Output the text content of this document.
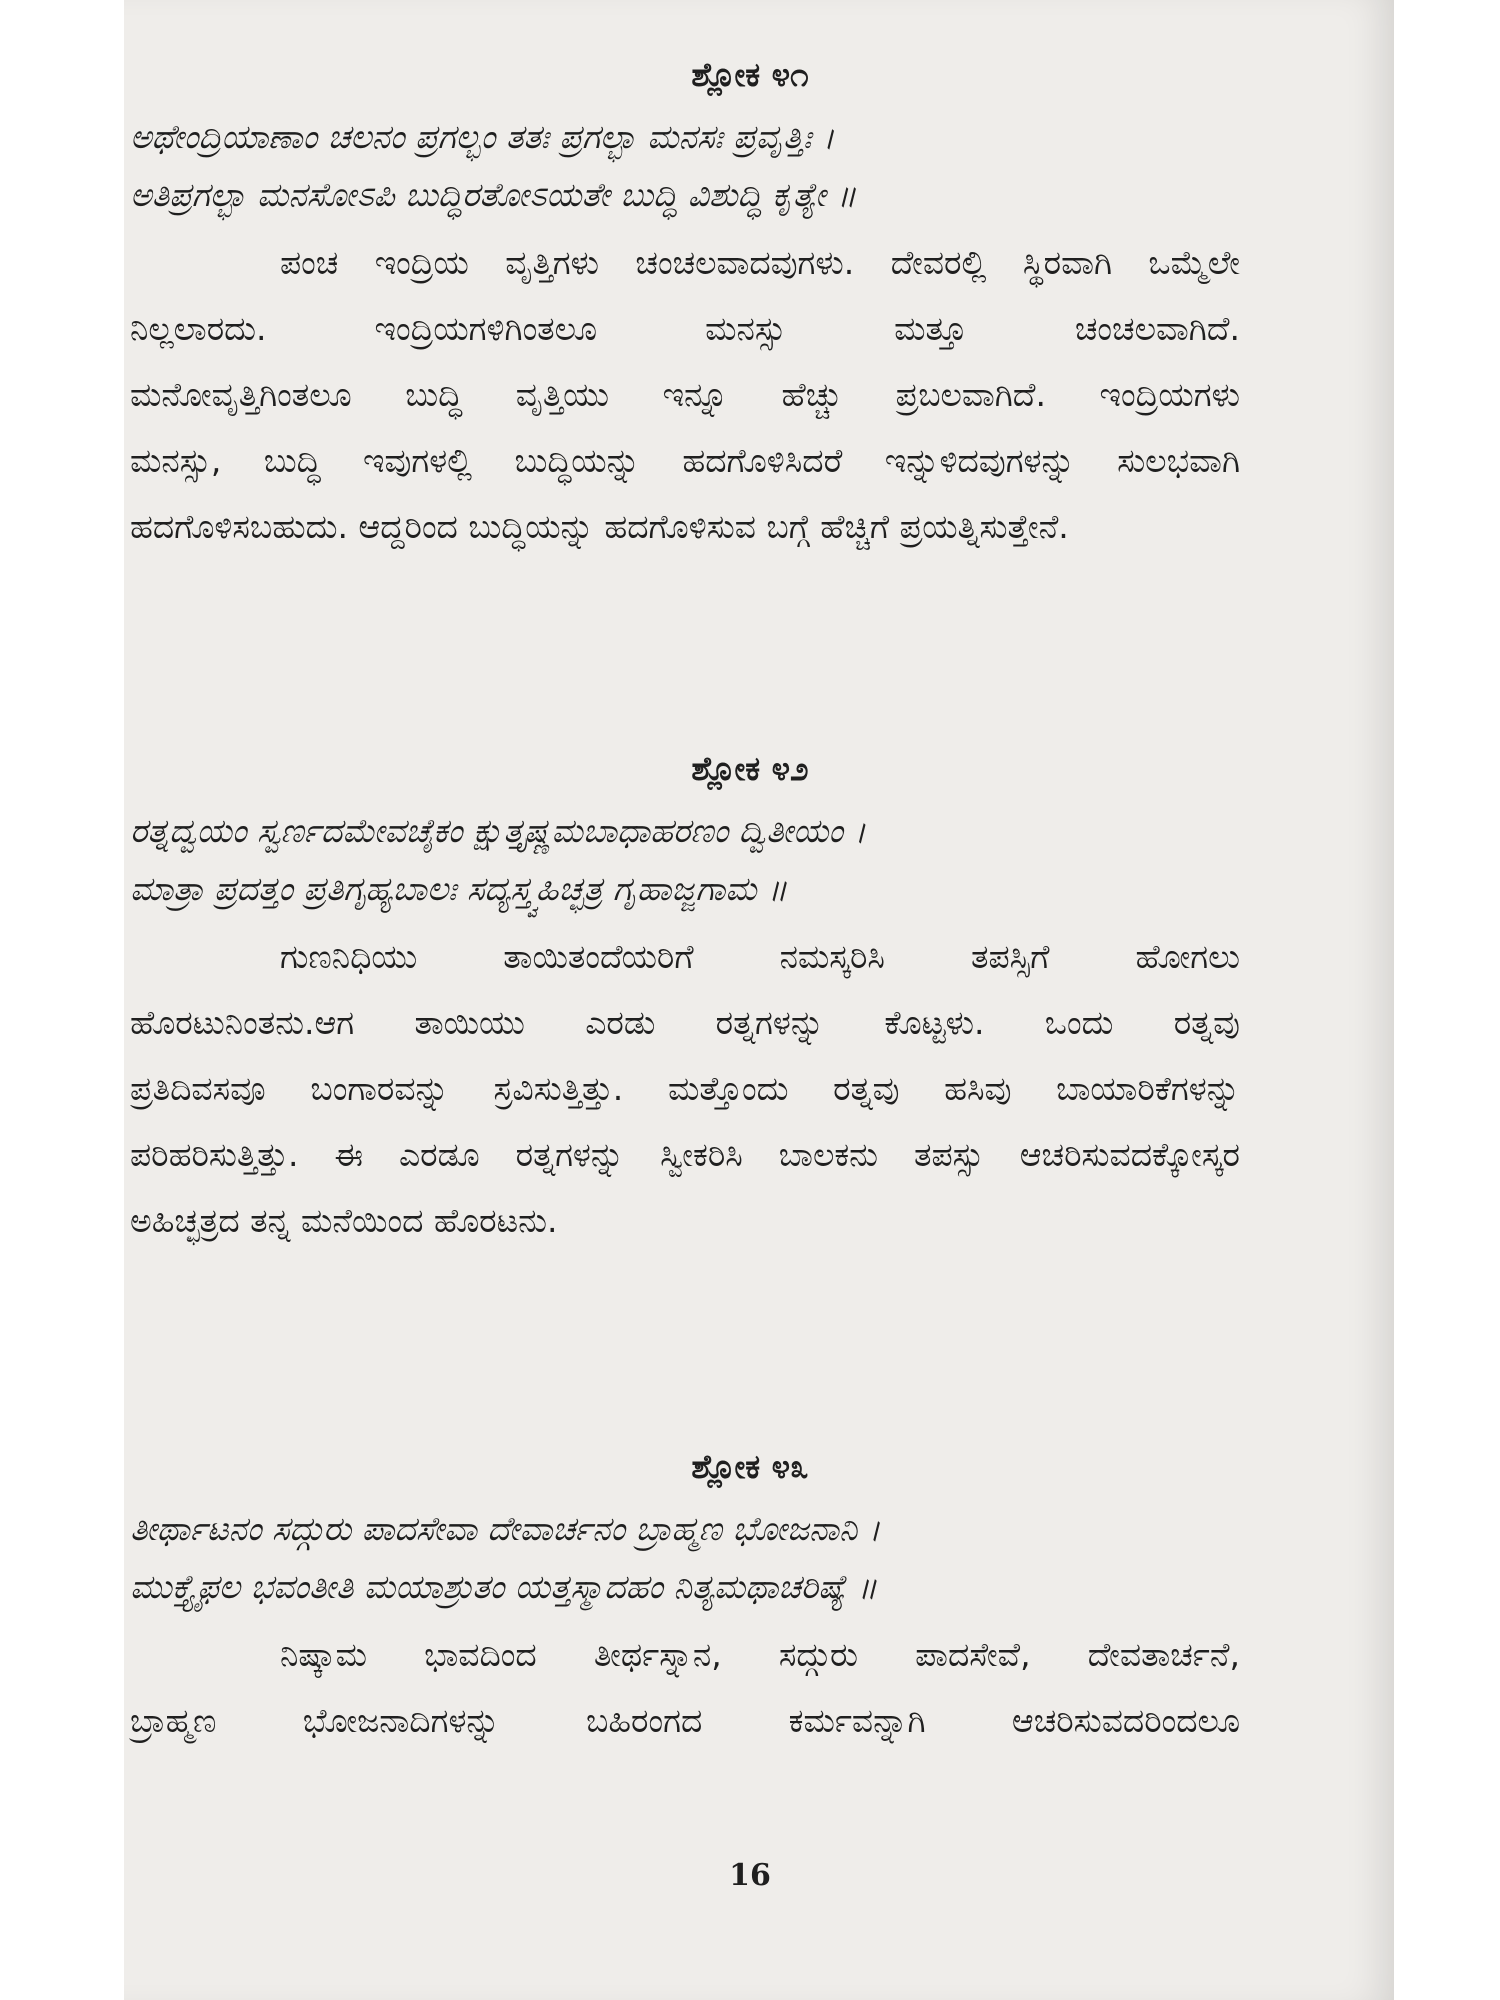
ಶ್ಲೋಕ ೪೧

ಅಥೇಂದ್ರಿಯಾಣಾಂ ಚಲನಂ ಪ್ರಗಲ್ಭಂ ತತಃ ಪ್ರಗಲ್ಭಾ ಮನಸಃ ಪ್ರವೃತ್ತಿಃ ।

ಅತಿಪ್ರಗಲ್ಭಾ ಮನಸೋಽಪಿ ಬುದ್ಧಿರತೋಽಯತೇ ಬುದ್ಧಿ ವಿಶುದ್ಧಿ ಕೃತ್ಯೇ ॥

ಪಂಚ ಇಂದ್ರಿಯ ವೃತ್ತಿಗಳು ಚಂಚಲವಾದವುಗಳು. ದೇವರಲ್ಲಿ ಸ್ಥಿರವಾಗಿ ಒಮ್ಮೆಲೇ

ನಿಲ್ಲಲಾರದು. ಇಂದ್ರಿಯಗಳಿಗಿಂತಲೂ ಮನಸ್ಸು ಮತ್ತೂ ಚಂಚಲವಾಗಿದೆ.

ಮನೋವೃತ್ತಿಗಿಂತಲೂ ಬುದ್ಧಿ ವೃತ್ತಿಯು ಇನ್ನೂ ಹೆಚ್ಚು ಪ್ರಬಲವಾಗಿದೆ. ಇಂದ್ರಿಯಗಳು

ಮನಸ್ಸು, ಬುದ್ಧಿ ಇವುಗಳಲ್ಲಿ ಬುದ್ಧಿಯನ್ನು ಹದಗೊಳಿಸಿದರೆ ಇನ್ನುಳಿದವುಗಳನ್ನು ಸುಲಭವಾಗಿ

ಹದಗೊಳಿಸಬಹುದು. ಆದ್ದರಿಂದ ಬುದ್ಧಿಯನ್ನು ಹದಗೊಳಿಸುವ ಬಗ್ಗೆ ಹೆಚ್ಚಿಗೆ ಪ್ರಯತ್ನಿಸುತ್ತೇನೆ.

ಶ್ಲೋಕ ೪೨

ರತ್ನದ್ವಯಂ ಸ್ವರ್ಣದಮೇವಚೈಕಂ ಕ್ಷುತ್ತೃಷ್ಣಮಬಾಧಾಹರಣಂ ದ್ವಿತೀಯಂ ।

ಮಾತ್ರಾ ಪ್ರದತ್ತಂ ಪ್ರತಿಗೃಹ್ಯಬಾಲಃ ಸದ್ಯಸ್ತ್ವಹಿಚ್ಛತ್ರ ಗೃಹಾಜ್ಜಗಾಮ ॥

ಗುಣನಿಧಿಯು ತಾಯಿತಂದೆಯರಿಗೆ ನಮಸ್ಕರಿಸಿ ತಪಸ್ಸಿಗೆ ಹೋಗಲು

ಹೊರಟುನಿಂತನು.ಆಗ ತಾಯಿಯು ಎರಡು ರತ್ನಗಳನ್ನು ಕೊಟ್ಟಳು. ಒಂದು ರತ್ನವು

ಪ್ರತಿದಿವಸವೂ ಬಂಗಾರವನ್ನು ಸ್ರವಿಸುತ್ತಿತ್ತು. ಮತ್ತೊಂದು ರತ್ನವು ಹಸಿವು ಬಾಯಾರಿಕೆಗಳನ್ನು

ಪರಿಹರಿಸುತ್ತಿತ್ತು. ಈ ಎರಡೂ ರತ್ನಗಳನ್ನು ಸ್ವೀಕರಿಸಿ ಬಾಲಕನು ತಪಸ್ಸು ಆಚರಿಸುವದಕ್ಕೋಸ್ಕರ

ಅಹಿಚ್ಛತ್ರದ ತನ್ನ ಮನೆಯಿಂದ ಹೊರಟನು.

ಶ್ಲೋಕ ೪೩

ತೀರ್ಥಾಟನಂ ಸದ್ಗುರು ಪಾದಸೇವಾ ದೇವಾರ್ಚನಂ ಬ್ರಾಹ್ಮಣ ಭೋಜನಾನಿ ।

ಮುಕ್ತ್ಯೈಫಲ ಭವಂತೀತಿ ಮಯಾಶ್ರುತಂ ಯತ್ತಸ್ಮಾದಹಂ ನಿತ್ಯಮಥಾಚರಿಷ್ಯೆ ॥

ನಿಷ್ಕಾಮ ಭಾವದಿಂದ ತೀರ್ಥಸ್ನಾನ, ಸದ್ಗುರು ಪಾದಸೇವೆ, ದೇವತಾರ್ಚನೆ,

ಬ್ರಾಹ್ಮಣ ಭೋಜನಾದಿಗಳನ್ನು ಬಹಿರಂಗದ ಕರ್ಮವನ್ನಾಗಿ ಆಚರಿಸುವದರಿಂದಲೂ

16
